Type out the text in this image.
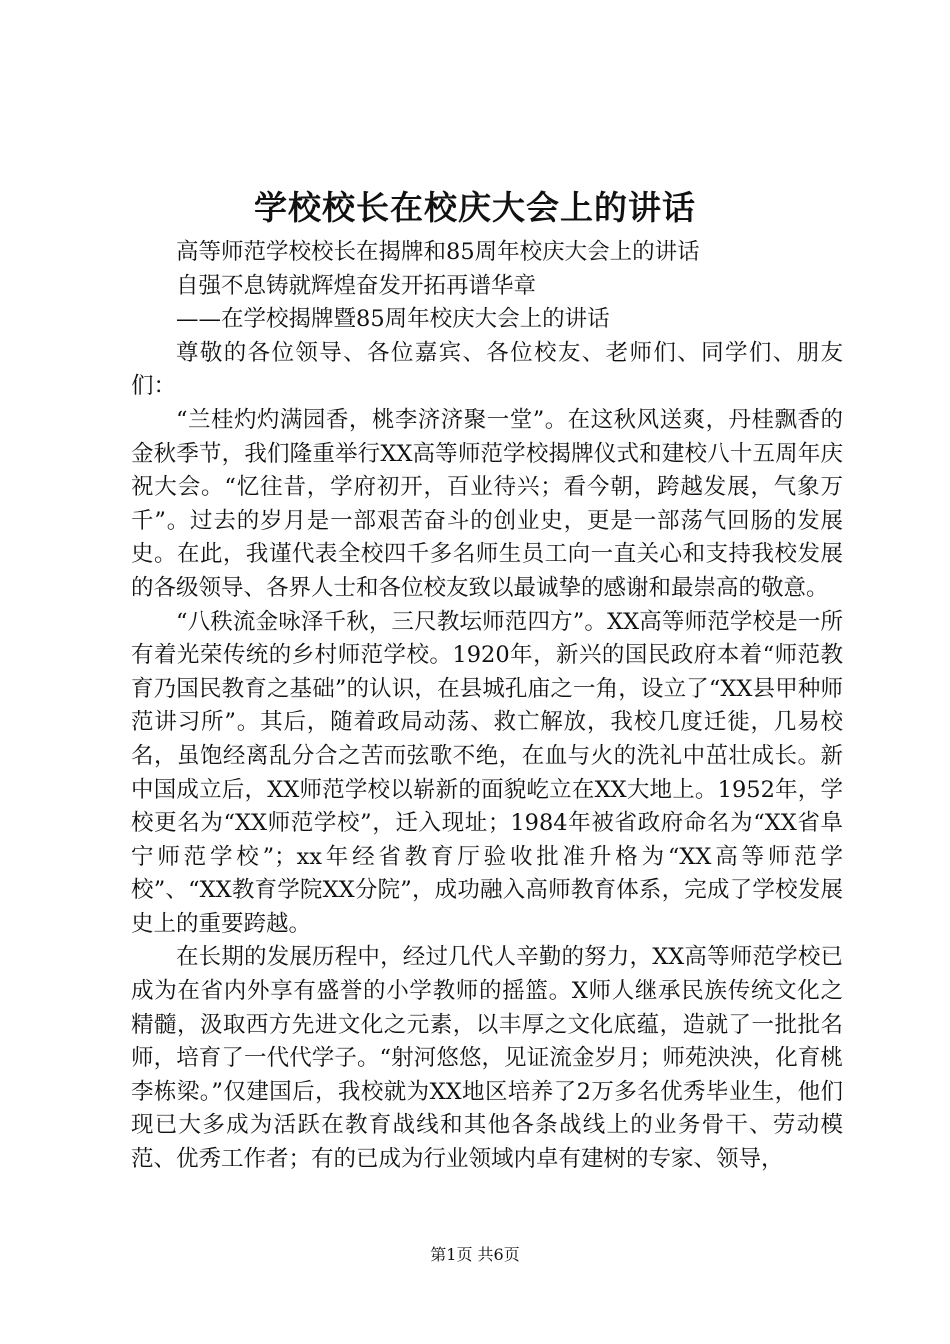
学校校长在校庆大会上的讲话

高等师范学校校长在揭牌和85周年校庆大会上的讲话

自强不息铸就辉煌奋发开拓再谱华章

——在学校揭牌暨85周年校庆大会上的讲话

尊敬的各位领导、各位嘉宾、各位校友、老师们、同学们、朋友们：

“兰桂灼灼满园香，桃李济济聚一堂”。在这秋风送爽，丹桂飘香的金秋季节，我们隆重举行XX高等师范学校揭牌仪式和建校八十五周年庆祝大会。“忆往昔，学府初开，百业待兴；看今朝，跨越发展，气象万千”。过去的岁月是一部艰苦奋斗的创业史，更是一部荡气回肠的发展史。在此，我谨代表全校四千多名师生员工向一直关心和支持我校发展的各级领导、各界人士和各位校友致以最诚挚的感谢和最崇高的敬意。

“八秩流金咏泽千秋，三尺教坛师范四方”。XX高等师范学校是一所有着光荣传统的乡村师范学校。1920年，新兴的国民政府本着“师范教育乃国民教育之基础”的认识，在县城孔庙之一角，设立了“XX县甲种师范讲习所”。其后，随着政局动荡、救亡解放，我校几度迁徙，几易校名，虽饱经离乱分合之苦而弦歌不绝，在血与火的洗礼中茁壮成长。新中国成立后，XX师范学校以崭新的面貌屹立在XX大地上。1952年，学校更名为“XX师范学校”，迁入现址；1984年被省政府命名为“XX省阜宁师范学校”；xx年经省教育厅验收批准升格为“XX高等师范学校”、“XX教育学院XX分院”，成功融入高师教育体系，完成了学校发展史上的重要跨越。

在长期的发展历程中，经过几代人辛勤的努力，XX高等师范学校已成为在省内外享有盛誉的小学教师的摇篮。X师人继承民族传统文化之精髓，汲取西方先进文化之元素，以丰厚之文化底蕴，造就了一批批名师，培育了一代代学子。“射河悠悠，见证流金岁月；师苑泱泱，化育桃李栋梁。”仅建国后，我校就为XX地区培养了2万多名优秀毕业生，他们现已大多成为活跃在教育战线和其他各条战线上的业务骨干、劳动模范、优秀工作者；有的已成为行业领域内卓有建树的专家、领导，

第1页 共6页
